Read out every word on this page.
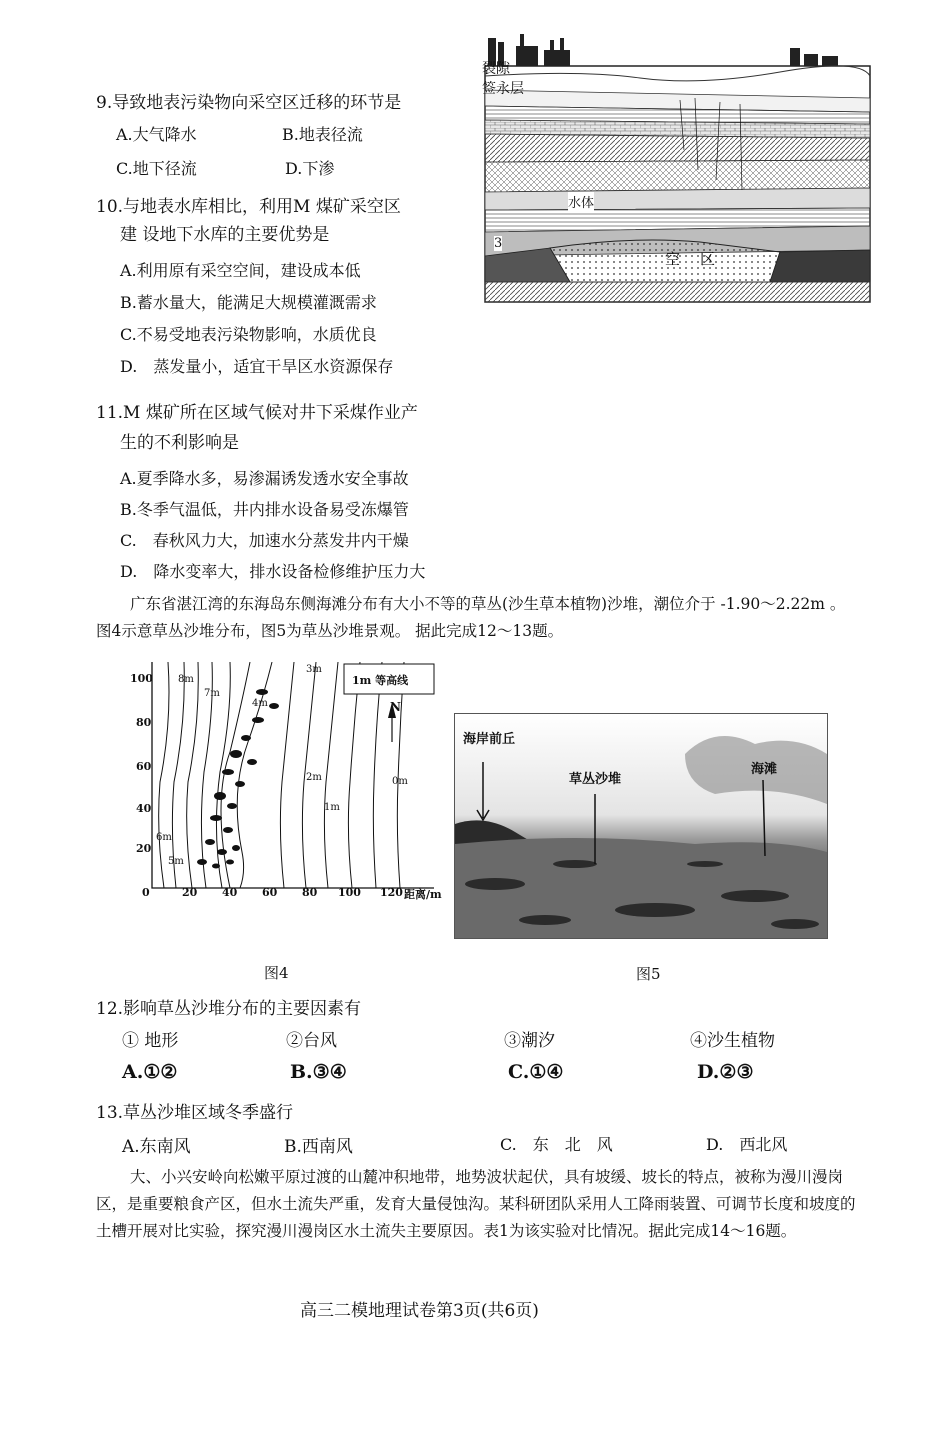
裂隙
签永层
水体
3
空区
9.导致地表污染物向采空区迁移的环节是
A.大气降水	B.地表径流
C.地下径流	D.下渗
10.与地表水库相比，利用M 煤矿采空区
建 设地下水库的主要优势是
A.利用原有采空空间，建设成本低
B.蓄水量大，能满足大规模灌溉需求
C.不易受地表污染物影响，水质优良
D.　蒸发量小，适宜干旱区水资源保存
11.M 煤矿所在区域气候对井下采煤作业产
生的不利影响是
A.夏季降水多，易渗漏诱发透水安全事故
B.冬季气温低，井内排水设备易受冻爆管
C.　春秋风力大，加速水分蒸发井内干燥
D.　降水变率大，排水设备检修维护压力大
广东省湛江湾的东海岛东侧海滩分布有大小不等的草丛(沙生草本植物)沙堆，潮位介于 -1.90～2.22m 。 图4示意草丛沙堆分布，图5为草丛沙堆景观。 据此完成12～13题。
1m 等高线
N
100
80
60
40
20
0	20 40 60 80 100 120 距离/m
8m
7m
6m
5m
4m
3m
2m
1m
0m
海岸前丘
草丛沙堆
海滩
图4	图5
12.影响草丛沙堆分布的主要因素有
① 地形	②台风	③潮汐	④沙生植物
A.①②	B.③④	C.①④	D.②③
13.草丛沙堆区域冬季盛行
A.东南风	B.西南风	C.　东　北　风	D.　西北风
大、小兴安岭向松嫩平原过渡的山麓冲积地带，地势波状起伏，具有坡缓、坡长的特点，被称为漫川漫岗区，是重要粮食产区，但水土流失严重，发育大量侵蚀沟。某科研团队采用人工降雨装置、可调节长度和坡度的土槽开展对比实验，探究漫川漫岗区水土流失主要原因。表1为该实验对比情况。据此完成14～16题。
高三二模地理试卷第3页(共6页)
